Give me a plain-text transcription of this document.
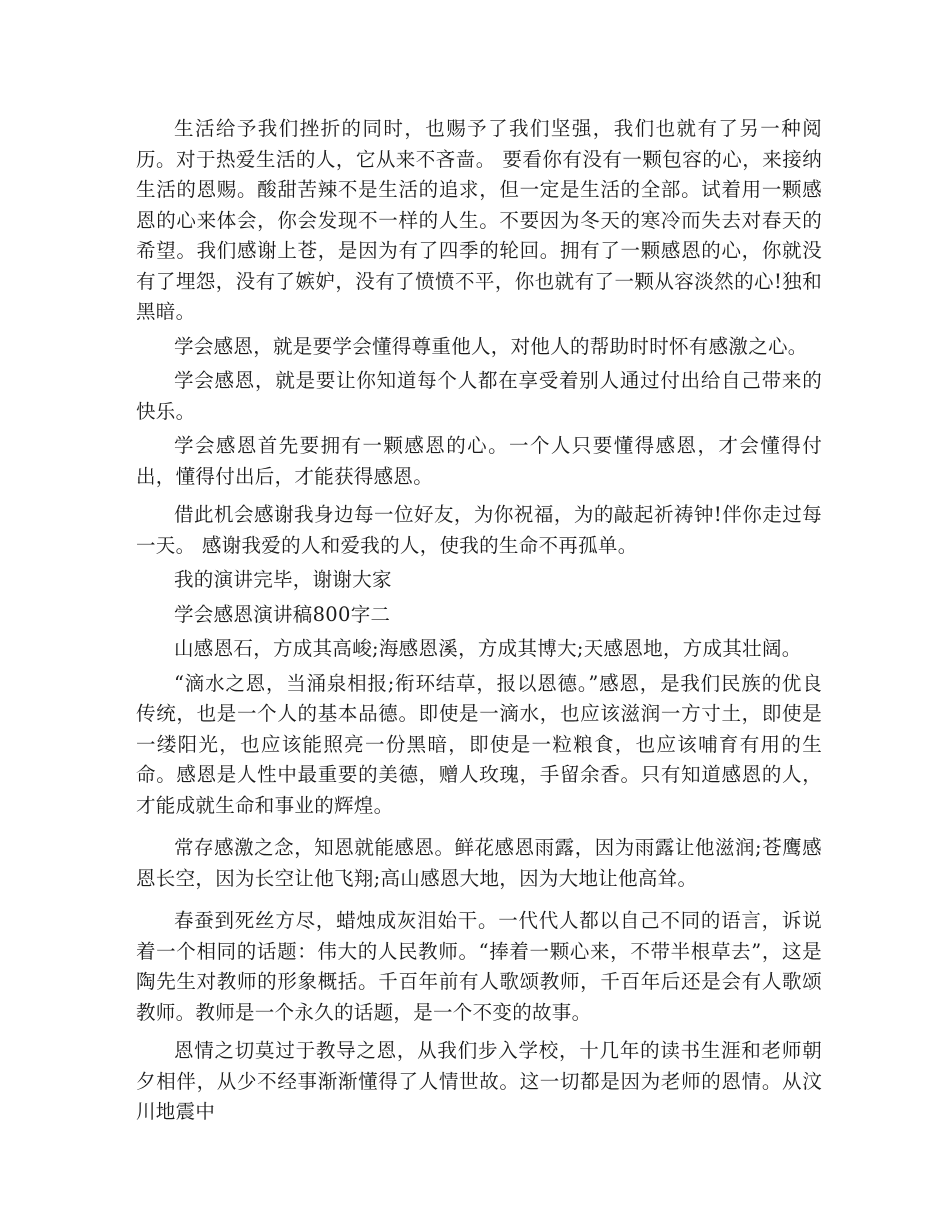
生活给予我们挫折的同时，也赐予了我们坚强，我们也就有了另一种阅历。对于热爱生活的人，它从来不吝啬。 要看你有没有一颗包容的心，来接纳生活的恩赐。酸甜苦辣不是生活的追求，但一定是生活的全部。试着用一颗感恩的心来体会，你会发现不一样的人生。不要因为冬天的寒冷而失去对春天的希望。我们感谢上苍，是因为有了四季的轮回。拥有了一颗感恩的心，你就没有了埋怨，没有了嫉妒，没有了愤愤不平，你也就有了一颗从容淡然的心!独和黑暗。

学会感恩，就是要学会懂得尊重他人，对他人的帮助时时怀有感激之心。

学会感恩，就是要让你知道每个人都在享受着别人通过付出给自己带来的快乐。

学会感恩首先要拥有一颗感恩的心。一个人只要懂得感恩，才会懂得付出，懂得付出后，才能获得感恩。

借此机会感谢我身边每一位好友，为你祝福，为的敲起祈祷钟!伴你走过每一天。 感谢我爱的人和爱我的人，使我的生命不再孤单。

我的演讲完毕，谢谢大家

学会感恩演讲稿800字二

山感恩石，方成其高峻;海感恩溪，方成其博大;天感恩地，方成其壮阔。

“滴水之恩，当涌泉相报;衔环结草，报以恩德。”感恩，是我们民族的优良传统，也是一个人的基本品德。即使是一滴水，也应该滋润一方寸土，即使是一缕阳光，也应该能照亮一份黑暗，即使是一粒粮食，也应该哺育有用的生命。感恩是人性中最重要的美德，赠人玫瑰，手留余香。只有知道感恩的人，才能成就生命和事业的辉煌。

常存感激之念，知恩就能感恩。鲜花感恩雨露，因为雨露让他滋润;苍鹰感恩长空，因为长空让他飞翔;高山感恩大地，因为大地让他高耸。

春蚕到死丝方尽，蜡烛成灰泪始干。一代代人都以自己不同的语言，诉说着一个相同的话题：伟大的人民教师。“捧着一颗心来，不带半根草去”，这是陶先生对教师的形象概括。千百年前有人歌颂教师，千百年后还是会有人歌颂教师。教师是一个永久的话题，是一个不变的故事。

恩情之切莫过于教导之恩，从我们步入学校，十几年的读书生涯和老师朝夕相伴，从少不经事渐渐懂得了人情世故。这一切都是因为老师的恩情。从汶川地震中
